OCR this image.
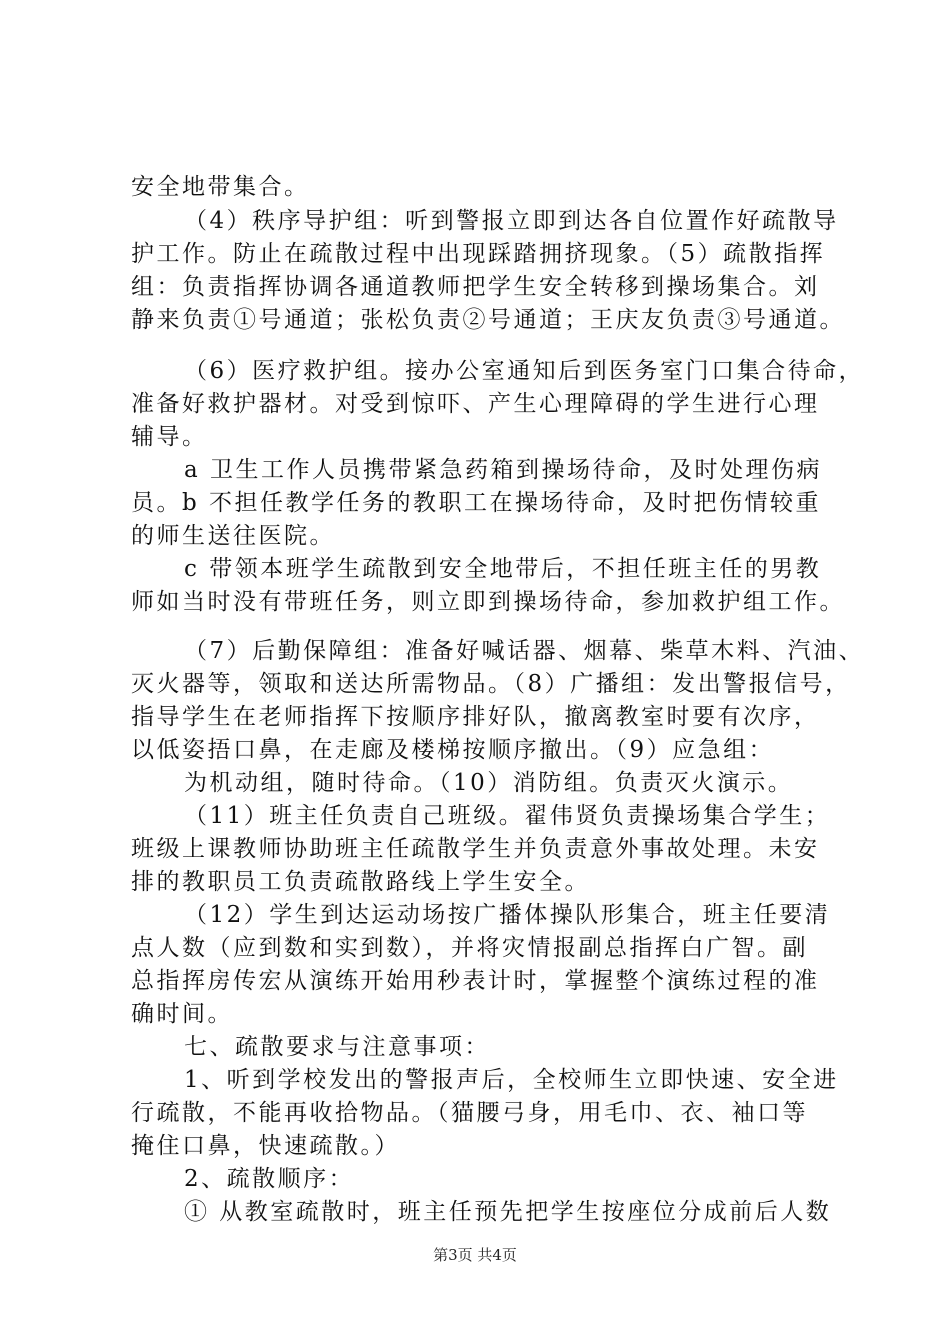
安全地带集合。
（4）秩序导护组：听到警报立即到达各自位置作好疏散导
护工作。防止在疏散过程中出现踩踏拥挤现象。（5）疏散指挥
组：负责指挥协调各通道教师把学生安全转移到操场集合。刘
静来负责①号通道；张松负责②号通道；王庆友负责③号通道。
（6）医疗救护组。接办公室通知后到医务室门口集合待命，
准备好救护器材。对受到惊吓、产生心理障碍的学生进行心理
辅导。
a 卫生工作人员携带紧急药箱到操场待命，及时处理伤病
员。b 不担任教学任务的教职工在操场待命，及时把伤情较重
的师生送往医院。
c 带领本班学生疏散到安全地带后，不担任班主任的男教
师如当时没有带班任务，则立即到操场待命，参加救护组工作。
（7）后勤保障组：准备好喊话器、烟幕、柴草木料、汽油、
灭火器等，领取和送达所需物品。（8）广播组：发出警报信号，
指导学生在老师指挥下按顺序排好队，撤离教室时要有次序，
以低姿捂口鼻，在走廊及楼梯按顺序撤出。（9）应急组：
为机动组，随时待命。（10）消防组。负责灭火演示。
（11）班主任负责自己班级。翟伟贤负责操场集合学生；
班级上课教师协助班主任疏散学生并负责意外事故处理。未安
排的教职员工负责疏散路线上学生安全。
（12）学生到达运动场按广播体操队形集合，班主任要清
点人数（应到数和实到数），并将灾情报副总指挥白广智。副
总指挥房传宏从演练开始用秒表计时，掌握整个演练过程的准
确时间。
七、疏散要求与注意事项：
1、听到学校发出的警报声后，全校师生立即快速、安全进
行疏散，不能再收拾物品。（猫腰弓身，用毛巾、衣、袖口等
掩住口鼻，快速疏散。）
2、疏散顺序：
① 从教室疏散时，班主任预先把学生按座位分成前后人数
第3页 共4页
